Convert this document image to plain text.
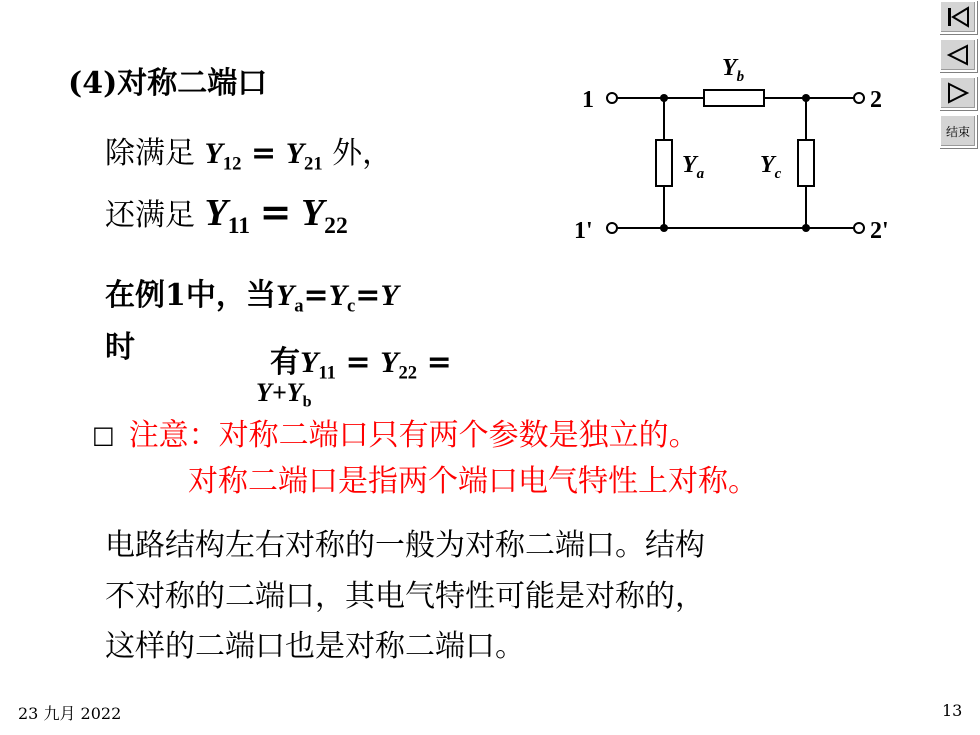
(4)对称二端口
除满足 $Y_{12} = Y_{21}$ 外，
还满足 $Y_{11} = Y_{22}$
在例1中，当$Y_a=Y_c=Y$
时	有$Y_{11} = Y_{22}$ =
$Y+Y_b$
□ 注意：对称二端口只有两个参数是独立的。
对称二端口是指两个端口电气特性上对称。
电路结构左右对称的一般为对称二端口。结构
不对称的二端口，其电气特性可能是对称的，
这样的二端口也是对称二端口。
1	2
1'	2'
$Y_b$
$Y_a$ $Y_c$
结束
23 九月 2022	13
